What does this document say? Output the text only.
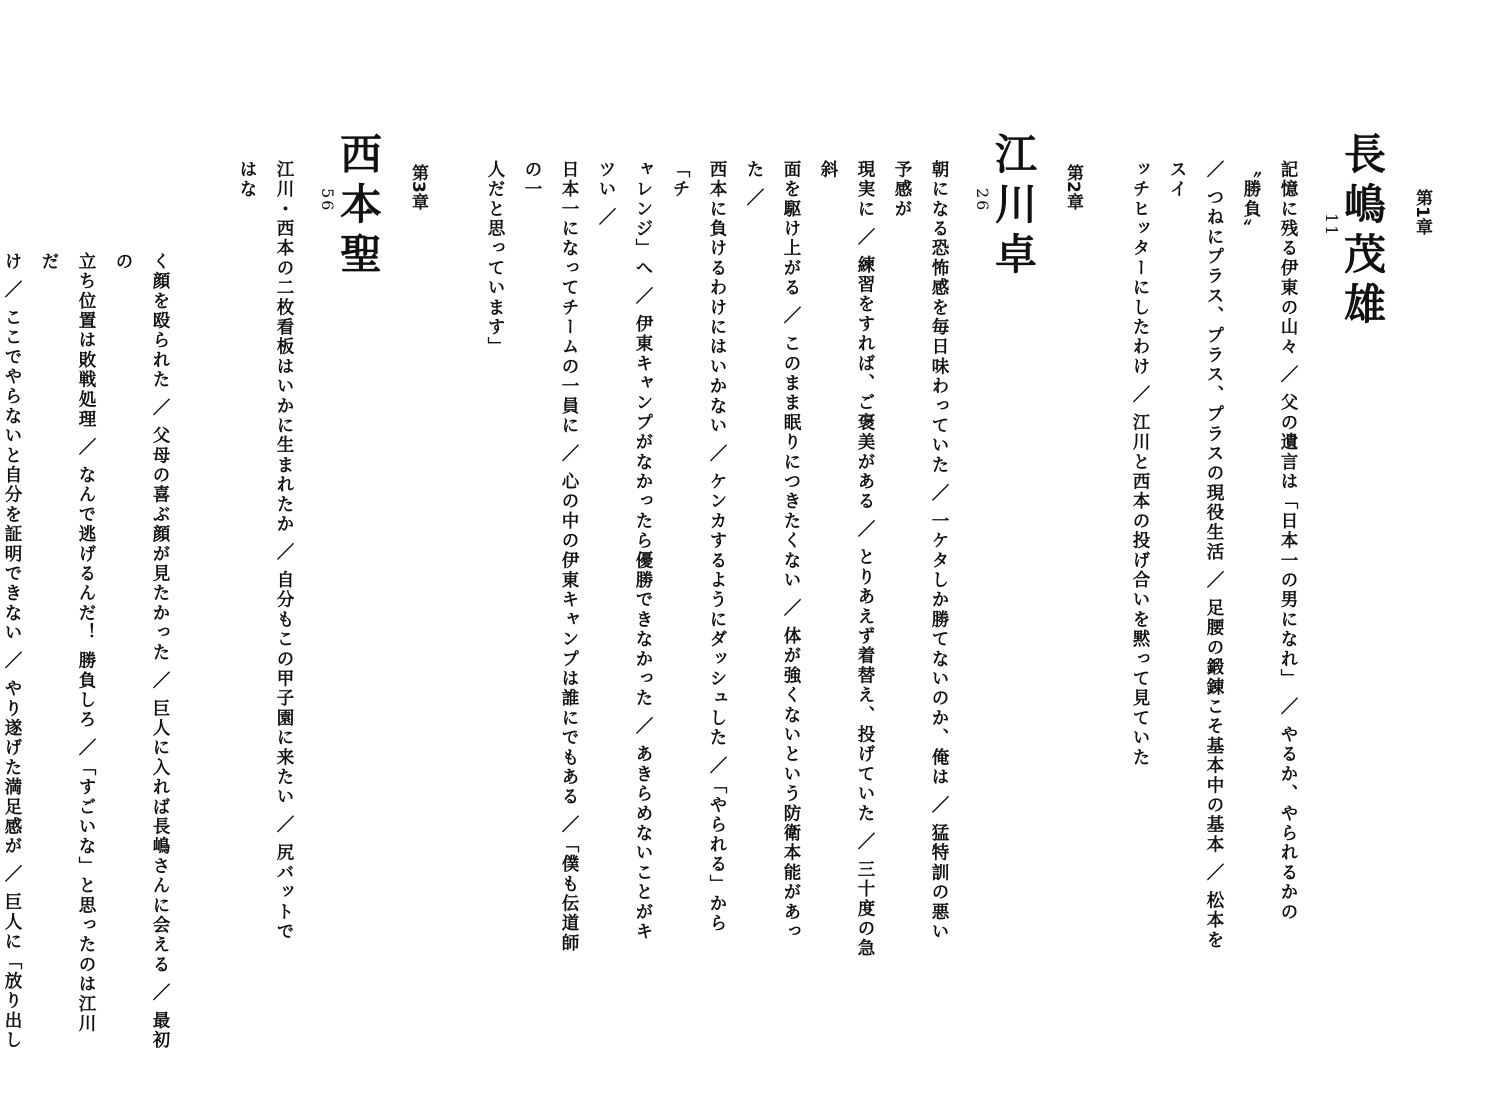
第1章
長嶋茂雄
11

記憶に残る伊東の山々 ／ 父の遺言は「日本一の男になれ」 ／ やるか、やられるかの〝勝負〟

／ つねにプラス、プラス、プラスの現役生活 ／ 足腰の鍛錬こそ基本中の基本 ／ 松本をスイ

ッチヒッターにしたわけ ／ 江川と西本の投げ合いを黙って見ていた

第2章
江川卓
26

朝になる恐怖感を毎日味わっていた ／ 一ケタしか勝てないのか、俺は ／ 猛特訓の悪い予感が

現実に ／ 練習をすれば、ご褒美がある ／ とりあえず着替え、投げていた ／ 三十度の急斜

面を駆け上がる ／ このまま眠りにつきたくない ／ 体が強くないという防衛本能があった ／

西本に負けるわけにはいかない ／ ケンカするようにダッシュした ／「やられる」から「チ

ャレンジ」へ ／ 伊東キャンプがなかったら優勝できなかった ／ あきらめないことがキツい ／

日本一になってチームの一員に ／ 心の中の伊東キャンプは誰にでもある ／「僕も伝道師の一

人だと思っています」

第3章
西本聖
56

江川・西本の二枚看板はいかに生まれたか ／ 自分もこの甲子園に来たい ／ 尻バットではな

く顔を殴られた ／ 父母の喜ぶ顔が見たかった ／ 巨人に入れば長嶋さんに会える ／ 最初の

立ち位置は敗戦処理 ／ なんで逃げるんだ！ 勝負しろ ／「すごいな」と思ったのは江川だ

け ／ ここでやらないと自分を証明できない ／ やり遂げた満足感が ／ 巨人に「放り出し
